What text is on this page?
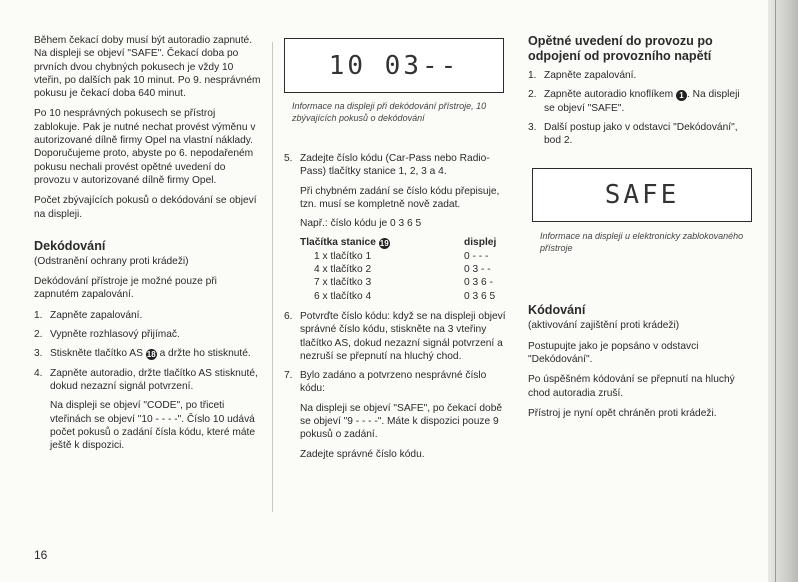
Během čekací doby musí být autoradio zapnuté. Na displeji se objeví "SAFE". Čekací doba po prvních dvou chybných pokusech je vždy 10 vteřin, po dalších pak 10 minut. Po 9. nesprávném pokusu je čekací doba 640 minut.

Po 10 nesprávných pokusech se přístroj zablokuje. Pak je nutné nechat provést výměnu v autorizované dílně firmy Opel na vlastní náklady. Doporučujeme proto, abyste po 6. nepodařeném pokusu nechali provést opětné uvedení do provozu v autorizované dílně firmy Opel.

Počet zbývajících pokusů o dekódování se objeví na displeji.

Dekódování
(Odstranění ochrany proti krádeži)

Dekódování přístroje je možné pouze při zapnutém zapalování.

1. Zapněte zapalování.
2. Vypněte rozhlasový přijímač.
3. Stiskněte tlačítko AS 18 a držte ho stisknuté.
4. Zapněte autoradio, držte tlačítko AS stisknuté, dokud nezazní signál potvrzení.
Na displeji se objeví "CODE", po třiceti vteřinách se objeví "10 - - - -". Číslo 10 udává počet pokusů o zadání čísla kódu, které máte ještě k dispozici.
10 03--
Informace na displeji při dekódování přístroje, 10 zbývajících pokusů o dekódování
5. Zadejte číslo kódu (Car-Pass nebo Radio-Pass) tlačítky stanice 1, 2, 3 a 4.
Při chybném zadání se číslo kódu přepisuje, tzn. musí se kompletně nově zadat.
Např.: číslo kódu je 0 3 6 5
Tlačítka stanice 19	displej
1 x tlačítko 1	0 - - -
4 x tlačítko 2	0 3 - -
7 x tlačítko 3	0 3 6 -
6 x tlačítko 4	0 3 6 5
6. Potvrďte číslo kódu: když se na displeji objeví správné číslo kódu, stiskněte na 3 vteřiny tlačítko AS, dokud nezazní signál potvrzení a nezruší se přepnutí na hluchý chod.
7. Bylo zadáno a potvrzeno nesprávné číslo kódu:
Na displeji se objeví "SAFE", po čekací době se objeví "9 - - - -". Máte k dispozici pouze 9 pokusů o zadání.
Zadejte správné číslo kódu.
Opětné uvedení do provozu po odpojení od provozního napětí
1. Zapněte zapalování.
2. Zapněte autoradio knoflíkem 1 . Na displeji se objeví "SAFE".
3. Další postup jako v odstavci "Dekódování", bod 2.
Kódování
(aktivování zajištění proti krádeži)

Postupujte jako je popsáno v odstavci "Dekódování".

Po úspěšném kódování se přepnutí na hluchý chod autoradia zruší.

Přístroj je nyní opět chráněn proti krádeži.

SAFE
Informace na displeji u elektronicky zablokovaného přístroje
16
